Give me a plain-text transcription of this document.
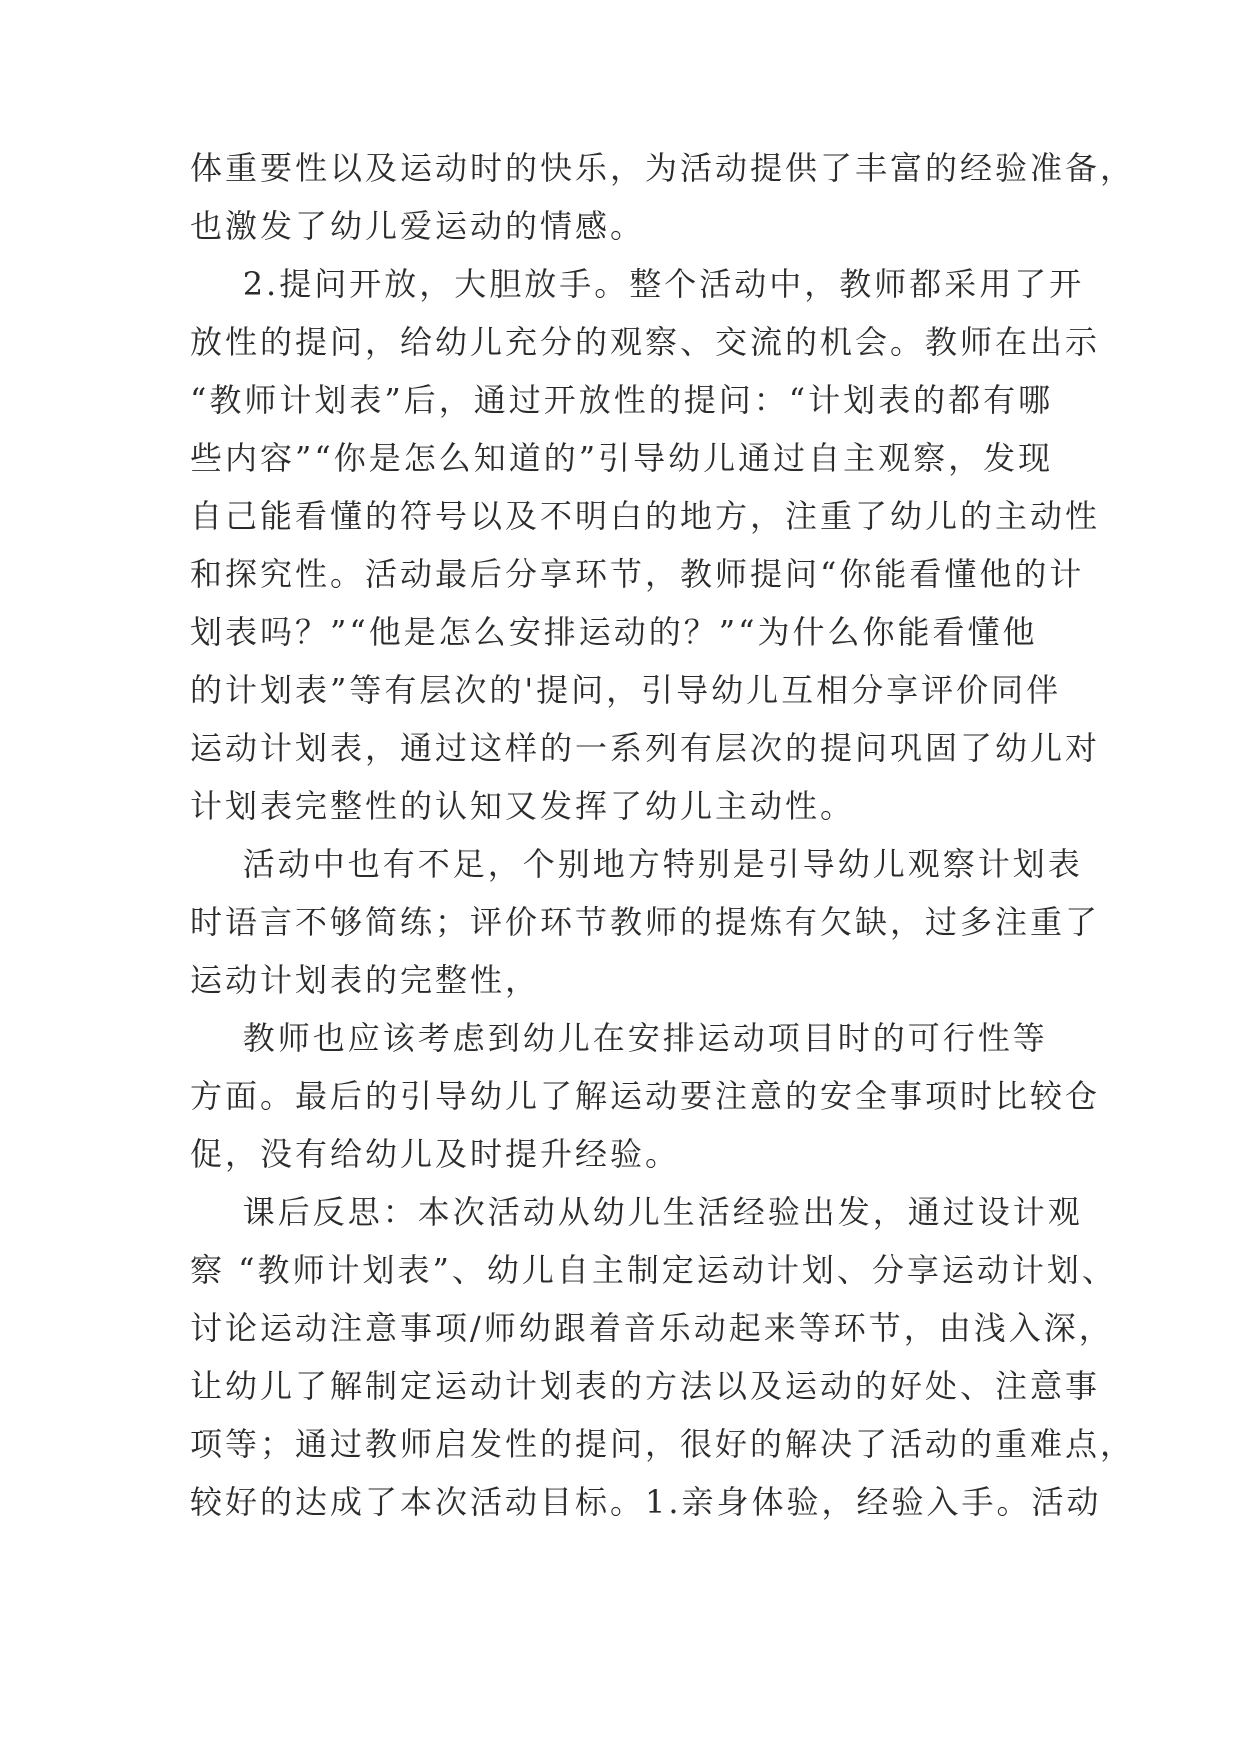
体重要性以及运动时的快乐，为活动提供了丰富的经验准备，
也激发了幼儿爱运动的情感。
2.提问开放，大胆放手。整个活动中，教师都采用了开
放性的提问，给幼儿充分的观察、交流的机会。教师在出示
“教师计划表”后，通过开放性的提问：“计划表的都有哪
些内容”“你是怎么知道的”引导幼儿通过自主观察，发现
自己能看懂的符号以及不明白的地方，注重了幼儿的主动性
和探究性。活动最后分享环节，教师提问“你能看懂他的计
划表吗？”“他是怎么安排运动的？”“为什么你能看懂他
的计划表”等有层次的'提问，引导幼儿互相分享评价同伴
运动计划表，通过这样的一系列有层次的提问巩固了幼儿对
计划表完整性的认知又发挥了幼儿主动性。
活动中也有不足，个别地方特别是引导幼儿观察计划表
时语言不够简练；评价环节教师的提炼有欠缺，过多注重了
运动计划表的完整性，
教师也应该考虑到幼儿在安排运动项目时的可行性等
方面。最后的引导幼儿了解运动要注意的安全事项时比较仓
促，没有给幼儿及时提升经验。
课后反思：本次活动从幼儿生活经验出发，通过设计观
察 “教师计划表”、幼儿自主制定运动计划、分享运动计划、
讨论运动注意事项/师幼跟着音乐动起来等环节，由浅入深，
让幼儿了解制定运动计划表的方法以及运动的好处、注意事
项等；通过教师启发性的提问，很好的解决了活动的重难点，
较好的达成了本次活动目标。1.亲身体验，经验入手。活动
